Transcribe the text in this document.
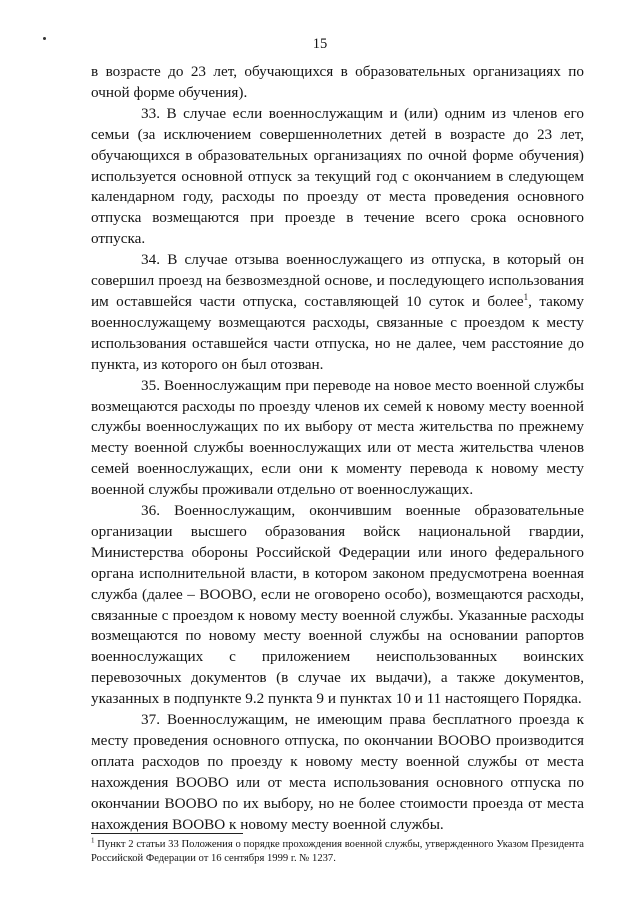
15

в возрасте до 23 лет, обучающихся в образовательных организациях по очной форме обучения).

33. В случае если военнослужащим и (или) одним из членов его семьи (за исключением совершеннолетних детей в возрасте до 23 лет, обучающихся в образовательных организациях по очной форме обучения) используется основной отпуск за текущий год с окончанием в следующем календарном году, расходы по проезду от места проведения основного отпуска возмещаются при проезде в течение всего срока основного отпуска.

34. В случае отзыва военнослужащего из отпуска, в который он совершил проезд на безвозмездной основе, и последующего использования им оставшейся части отпуска, составляющей 10 суток и более$^1$, такому военнослужащему возмещаются расходы, связанные с проездом к месту использования оставшейся части отпуска, но не далее, чем расстояние до пункта, из которого он был отозван.

35. Военнослужащим при переводе на новое место военной службы возмещаются расходы по проезду членов их семей к новому месту военной службы военнослужащих по их выбору от места жительства по прежнему месту военной службы военнослужащих или от места жительства членов семей военнослужащих, если они к моменту перевода к новому месту военной службы проживали отдельно от военнослужащих.

36. Военнослужащим, окончившим военные образовательные организации высшего образования войск национальной гвардии, Министерства обороны Российской Федерации или иного федерального органа исполнительной власти, в котором законом предусмотрена военная служба (далее – ВООВО, если не оговорено особо), возмещаются расходы, связанные с проездом к новому месту военной службы. Указанные расходы возмещаются по новому месту военной службы на основании рапортов военнослужащих с приложением неиспользованных воинских перевозочных документов (в случае их выдачи), а также документов, указанных в подпункте 9.2 пункта 9 и пунктах 10 и 11 настоящего Порядка.

37. Военнослужащим, не имеющим права бесплатного проезда к месту проведения основного отпуска, по окончании ВООВО производится оплата расходов по проезду к новому месту военной службы от места нахождения ВООВО или от места использования основного отпуска по окончании ВООВО по их выбору, но не более стоимости проезда от места нахождения ВООВО к новому месту военной службы.

$^1$ Пункт 2 статьи 33 Положения о порядке прохождения военной службы, утвержденного Указом Президента Российской Федерации от 16 сентября 1999 г. № 1237.
